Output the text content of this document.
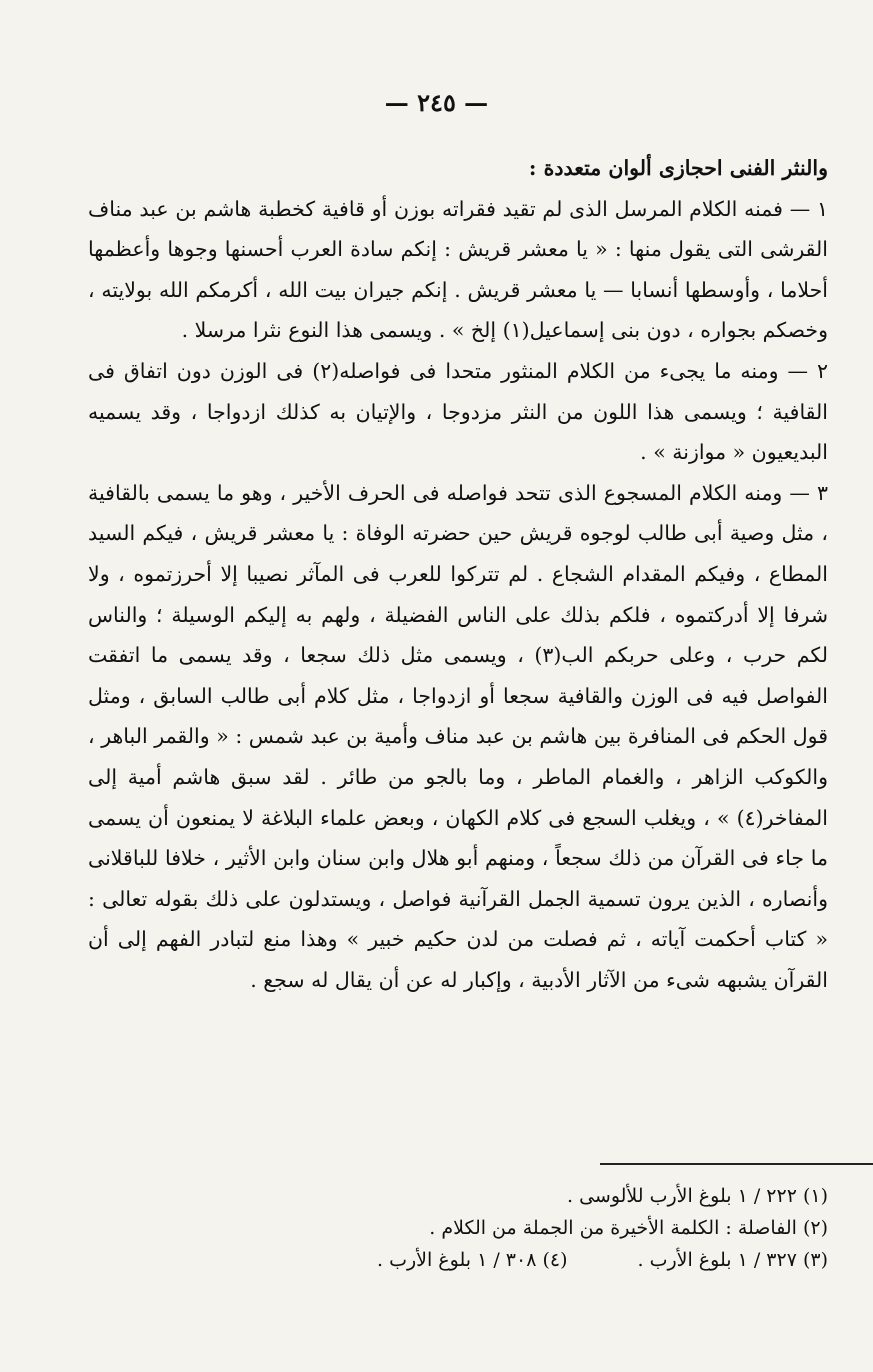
— ٢٤٥ —

والنثر الفنى احجازى ألوان متعددة :

١ — فمنه الكلام المرسل الذى لم تقيد فقراته بوزن أو قافية كخطبة هاشم بن عبد مناف القرشى التى يقول منها : « يا معشر قريش : إنكم سادة العرب أحسنها وجوها وأعظمها أحلاما ، وأوسطها أنسابا — يا معشر قريش . إنكم جيران بيت الله ، أكرمكم الله بولايته ، وخصكم بجواره ، دون بنى إسماعيل(١) إلخ » . ويسمى هذا النوع نثرا مرسلا .

٢ — ومنه ما يجىء من الكلام المنثور متحدا فى فواصله(٢) فى الوزن دون اتفاق فى القافية ؛ ويسمى هذا اللون من النثر مزدوجا ، والإتيان به كذلك ازدواجا ، وقد يسميه البديعيون « موازنة » .

٣ — ومنه الكلام المسجوع الذى تتحد فواصله فى الحرف الأخير ، وهو ما يسمى بالقافية ، مثل وصية أبى طالب لوجوه قريش حين حضرته الوفاة : يا معشر قريش ، فيكم السيد المطاع ، وفيكم المقدام الشجاع . لم تتركوا للعرب فى المآثر نصيبا إلا أحرزتموه ، ولا شرفا إلا أدركتموه ، فلكم بذلك على الناس الفضيلة ، ولهم به إليكم الوسيلة ؛ والناس لكم حرب ، وعلى حربكم الب(٣) ، ويسمى مثل ذلك سجعا ، وقد يسمى ما اتفقت الفواصل فيه فى الوزن والقافية سجعا أو ازدواجا ، مثل كلام أبى طالب السابق ، ومثل قول الحكم فى المنافرة بين هاشم بن عبد مناف وأمية بن عبد شمس : « والقمر الباهر ، والكوكب الزاهر ، والغمام الماطر ، وما بالجو من طائر . لقد سبق هاشم أمية إلى المفاخر(٤) » ، ويغلب السجع فى كلام الكهان ، وبعض علماء البلاغة لا يمنعون أن يسمى ما جاء فى القرآن من ذلك سجعاً ، ومنهم أبو هلال وابن سنان وابن الأثير ، خلافا للباقلانى وأنصاره ، الذين يرون تسمية الجمل القرآنية فواصل ، ويستدلون على ذلك بقوله تعالى : « كتاب أحكمت آياته ، ثم فصلت من لدن حكيم خبير » وهذا منع لتبادر الفهم إلى أن القرآن يشبهه شىء من الآثار الأدبية ، وإكبار له عن أن يقال له سجع .

(١) ٢٢٢ / ١ بلوغ الأرب للألوسى .
(٢) الفاصلة : الكلمة الأخيرة من الجملة من الكلام .
(٣) ٣٢٧ / ١ بلوغ الأرب .
(٤) ٣٠٨ / ١ بلوغ الأرب .
